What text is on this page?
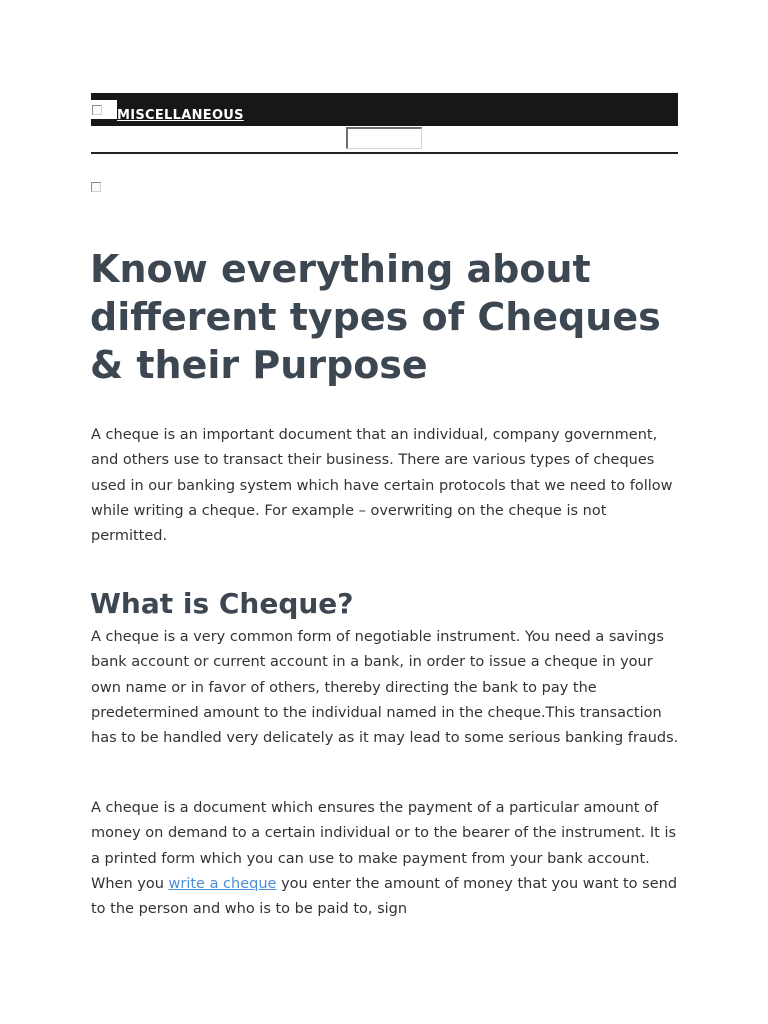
MISCELLANEOUS
Know everything about different types of Cheques & their Purpose

A cheque is an important document that an individual, company government, and others use to transact their business. There are various types of cheques used in our banking system which have certain protocols that we need to follow while writing a cheque. For example – overwriting on the cheque is not permitted.

What is Cheque?

A cheque is a very common form of negotiable instrument. You need a savings bank account or current account in a bank, in order to issue a cheque in your own name or in favor of others, thereby directing the bank to pay the predetermined amount to the individual named in the cheque.This transaction has to be handled very delicately as it may lead to some serious banking frauds.

A cheque is a document which ensures the payment of a particular amount of money on demand to a certain individual or to the bearer of the instrument. It is a printed form which you can use to make payment from your bank account. When you write a cheque you enter the amount of money that you want to send to the person and who is to be paid to, sign
